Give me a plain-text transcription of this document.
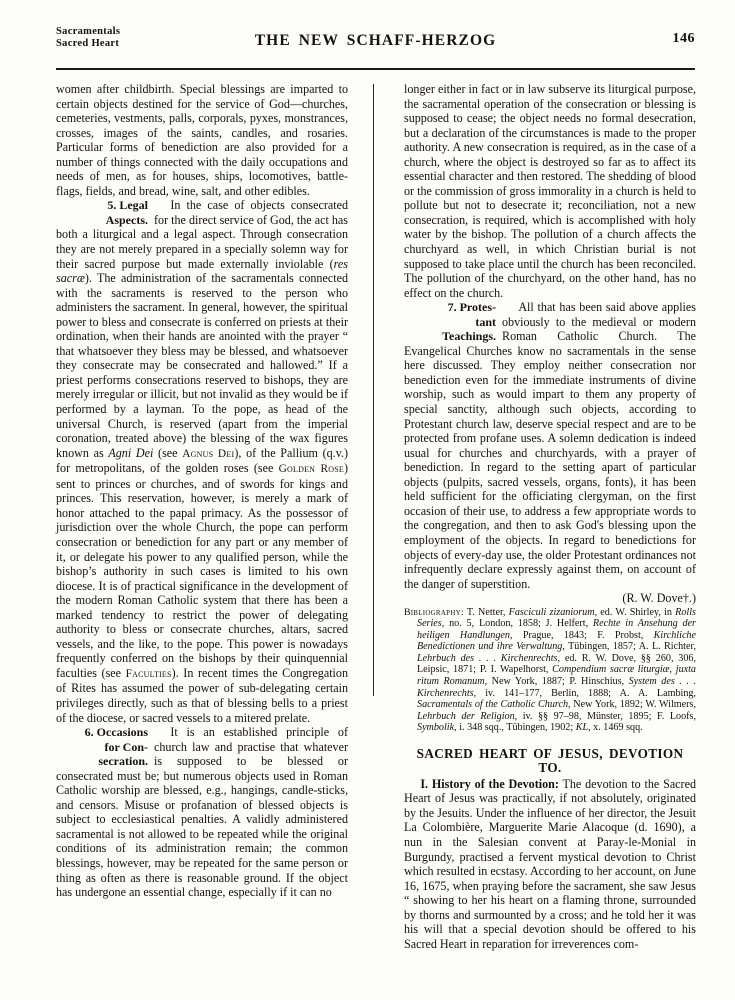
Sacramentals
Sacred Heart	THE NEW SCHAFF-HERZOG	146

women after childbirth. Special blessings are imparted to certain objects destined for the service of God—churches, cemeteries, vestments, palls, corporals, pyxes, monstrances, crosses, images of the saints, candles, and rosaries. Particular forms of benediction are also provided for a number of things connected with the daily occupations and needs of men, as for houses, ships, locomotives, battle-flags, fields, and bread, wine, salt, and other edibles.

5. Legal
Aspects.
In the case of objects consecrated for the direct service of God, the act has both a liturgical and a legal aspect. Through consecration they are not merely prepared in a specially solemn way for their sacred purpose but made externally inviolable (res sacræ). The administration of the sacramentals connected with the sacraments is reserved to the person who administers the sacrament. In general, however, the spiritual power to bless and consecrate is conferred on priests at their ordination, when their hands are anointed with the prayer “ that whatsoever they bless may be blessed, and whatsoever they consecrate may be consecrated and hallowed.” If a priest performs consecrations reserved to bishops, they are merely irregular or illicit, but not invalid as they would be if performed by a layman. To the pope, as head of the universal Church, is reserved (apart from the imperial coronation, treated above) the blessing of the wax figures known as Agni Dei (see Agnus Dei), of the Pallium (q.v.) for metropolitans, of the golden roses (see Golden Rose) sent to princes or churches, and of swords for kings and princes. This reservation, however, is merely a mark of honor attached to the papal primacy. As the possessor of jurisdiction over the whole Church, the pope can perform consecration or benediction for any part or any member of it, or delegate his power to any qualified person, while the bishop’s authority in such cases is limited to his own diocese. It is of practical significance in the development of the modern Roman Catholic system that there has been a marked tendency to restrict the power of delegating authority to bless or consecrate churches, altars, sacred vessels, and the like, to the pope. This power is nowadays frequently conferred on the bishops by their quinquennial faculties (see Faculties). In recent times the Congregation of Rites has assumed the power of sub-delegating certain privileges directly, such as that of blessing bells to a priest of the diocese, or sacred vessels to a mitered prelate.

6. Occasions
for Con-
secration.
It is an established principle of church law and practise that whatever is supposed to be blessed or consecrated must be; but numerous objects used in Roman Catholic worship are blessed, e.g., hangings, candle-sticks, and censors. Misuse or profanation of blessed objects is subject to ecclesiastical penalties. A validly administered sacramental is not allowed to be repeated while the original conditions of its administration remain; the common blessings, however, may be repeated for the same person or thing as often as there is reasonable ground. If the object has undergone an essential change, especially if it can no

longer either in fact or in law subserve its liturgical purpose, the sacramental operation of the consecration or blessing is supposed to cease; the object needs no formal desecration, but a declaration of the circumstances is made to the proper authority. A new consecration is required, as in the case of a church, where the object is destroyed so far as to affect its essential character and then restored. The shedding of blood or the commission of gross immorality in a church is held to pollute but not to desecrate it; reconciliation, not a new consecration, is required, which is accomplished with holy water by the bishop. The pollution of a church affects the churchyard as well, in which Christian burial is not supposed to take place until the church has been reconciled. The pollution of the churchyard, on the other hand, has no effect on the church.

7. Protes-
tant
Teachings.
All that has been said above applies obviously to the medieval or modern Roman Catholic Church. The Evangelical Churches know no sacramentals in the sense here discussed. They employ neither consecration nor benediction even for the immediate instruments of divine worship, such as would impart to them any property of special sanctity, although such objects, according to Protestant church law, deserve special respect and are to be protected from profane uses. A solemn dedication is indeed usual for churches and churchyards, with a prayer of benediction. In regard to the setting apart of particular objects (pulpits, sacred vessels, organs, fonts), it has been held sufficient for the officiating clergyman, on the first occasion of their use, to address a few appropriate words to the congregation, and then to ask God's blessing upon the employment of the objects. In regard to benedictions for objects of every-day use, the older Protestant ordinances not infrequently declare expressly against them, on account of the danger of superstition.

(R. W. Dove†.)

Bibliography: T. Netter, Fasciculi zizaniorum, ed. W. Shirley, in Rolls Series, no. 5, London, 1858; J. Helfert, Rechte in Ansehung der heiligen Handlungen, Prague, 1843; F. Probst, Kirchliche Benedictionen und ihre Verwaltung, Tübingen, 1857; A. L. Richter, Lehrbuch des . . . Kirchenrechts, ed. R. W. Dove, §§ 260, 306, Leipsic, 1871; P. I. Wapelhorst, Compendium sacræ liturgiæ, juxta ritum Romanum, New York, 1887; P. Hinschius, System des . . . Kirchenrechts, iv. 141–177, Berlin, 1888; A. A. Lambing, Sacramentals of the Catholic Church, New York, 1892; W. Wilmers, Lehrbuch der Religion, iv. §§ 97–98, Münster, 1895; F. Loofs, Symbolik, i. 348 sqq., Tübingen, 1902; KL, x. 1469 sqq.

SACRED HEART OF JESUS, DEVOTION TO.

I. History of the Devotion: The devotion to the Sacred Heart of Jesus was practically, if not absolutely, originated by the Jesuits. Under the influence of her director, the Jesuit La Colombière, Marguerite Marie Alacoque (d. 1690), a nun in the Salesian convent at Paray-le-Monial in Burgundy, practised a fervent mystical devotion to Christ which resulted in ecstasy. According to her account, on June 16, 1675, when praying before the sacrament, she saw Jesus “ showing to her his heart on a flaming throne, surrounded by thorns and surmounted by a cross; and he told her it was his will that a special devotion should be offered to his Sacred Heart in reparation for irreverences com-
